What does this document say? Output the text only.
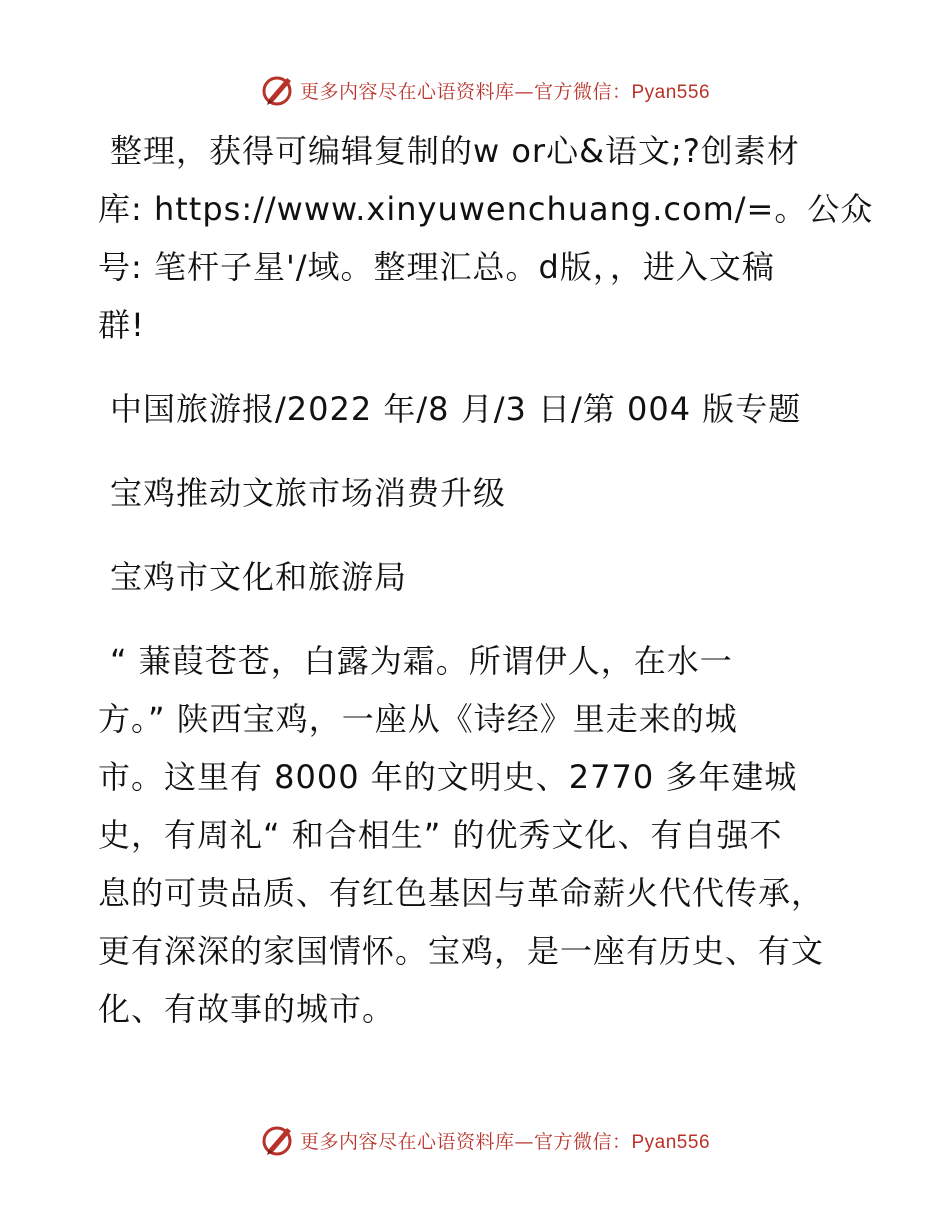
更多内容尽在心语资料库—官方微信：Pyan556

整理，获得可编辑复制的w or心&语文;?创素材

库: https://www.xinyuwenchuang.com/=。公众

号: 笔杆子星'/域。整理汇总。d版，，进入文稿

群!

中国旅游报/2022 年/8 月/3 日/第 004 版专题

宝鸡推动文旅市场消费升级

宝鸡市文化和旅游局

“ 蒹葭苍苍，白露为霜。所谓伊人，在水一

方。” 陕西宝鸡，一座从《诗经》里走来的城

市。这里有 8000 年的文明史、2770 多年建城

史，有周礼“ 和合相生” 的优秀文化、有自强不

息的可贵品质、有红色基因与革命薪火代代传承，

更有深深的家国情怀。宝鸡，是一座有历史、有文

化、有故事的城市。

更多内容尽在心语资料库—官方微信：Pyan556
